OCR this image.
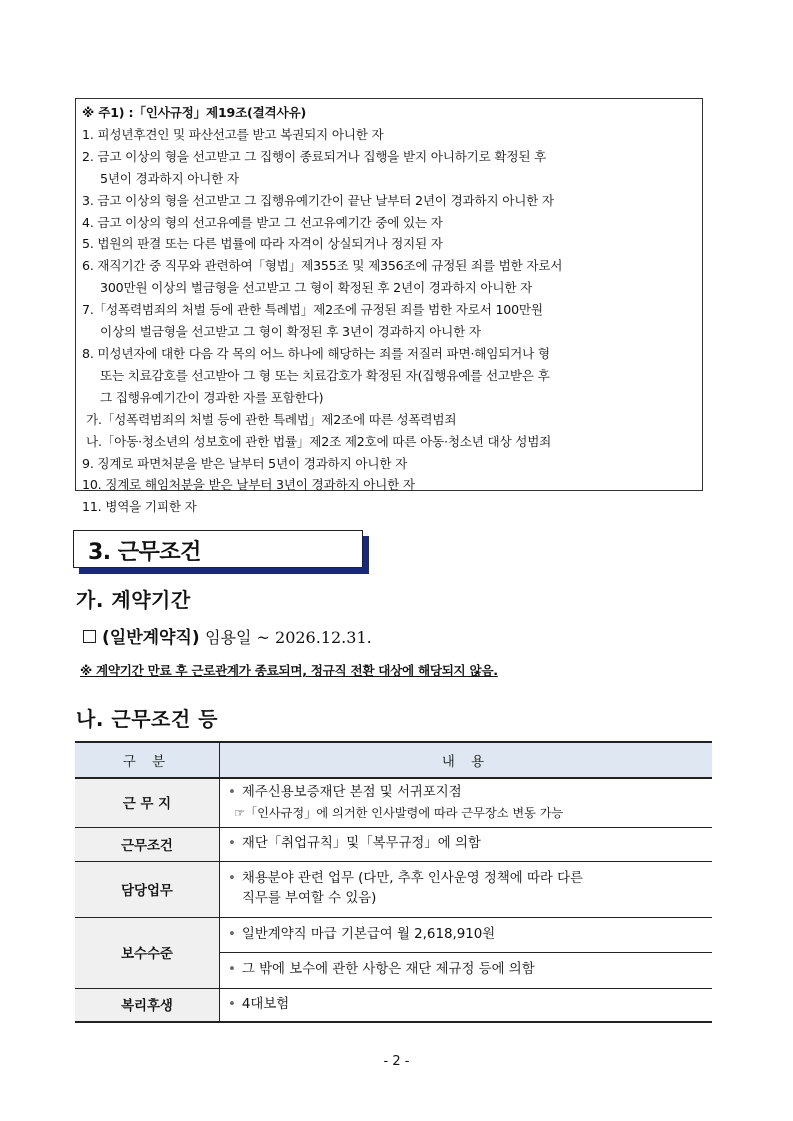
※ 주1) :「인사규정」제19조(결격사유)
1. 피성년후견인 및 파산선고를 받고 복권되지 아니한 자
2. 금고 이상의 형을 선고받고 그 집행이 종료되거나 집행을 받지 아니하기로 확정된 후
5년이 경과하지 아니한 자
3. 금고 이상의 형을 선고받고 그 집행유예기간이 끝난 날부터 2년이 경과하지 아니한 자
4. 금고 이상의 형의 선고유예를 받고 그 선고유예기간 중에 있는 자
5. 법원의 판결 또는 다른 법률에 따라 자격이 상실되거나 정지된 자
6. 재직기간 중 직무와 관련하여「형법」제355조 및 제356조에 규정된 죄를 범한 자로서
300만원 이상의 벌금형을 선고받고 그 형이 확정된 후 2년이 경과하지 아니한 자
7.「성폭력범죄의 처벌 등에 관한 특례법」제2조에 규정된 죄를 범한 자로서 100만원
이상의 벌금형을 선고받고 그 형이 확정된 후 3년이 경과하지 아니한 자
8. 미성년자에 대한 다음 각 목의 어느 하나에 해당하는 죄를 저질러 파면·해임되거나 형
또는 치료감호를 선고받아 그 형 또는 치료감호가 확정된 자(집행유예를 선고받은 후
그 집행유예기간이 경과한 자를 포함한다)
가.「성폭력범죄의 처벌 등에 관한 특례법」제2조에 따른 성폭력범죄
나.「아동·청소년의 성보호에 관한 법률」제2조 제2호에 따른 아동·청소년 대상 성범죄
9. 징계로 파면처분을 받은 날부터 5년이 경과하지 아니한 자
10. 징계로 해임처분을 받은 날부터 3년이 경과하지 아니한 자
11. 병역을 기피한 자
3. 근무조건
가. 계약기간
(일반계약직) 임용일 ~ 2026.12.31.
※ 계약기간 만료 후 근로관계가 종료되며, 정규직 전환 대상에 해당되지 않음.
나. 근무조건 등
구 분	내 용
근 무 지	• 제주신용보증재단 본점 및 서귀포지점
☞「인사규정」에 의거한 인사발령에 따라 근무장소 변동 가능

근무조건	• 재단「취업규칙」및「복무규정」에 의함
담당업무	• 채용분야 관련 업무 (다만, 추후 인사운영 정책에 따라 다른
직무를 부여할 수 있음)

보수수준	• 일반계약직 마급 기본급여 월 2,618,910원
	• 그 밖에 보수에 관한 사항은 재단 제규정 등에 의함
복리후생	• 4대보험
- 2 -
